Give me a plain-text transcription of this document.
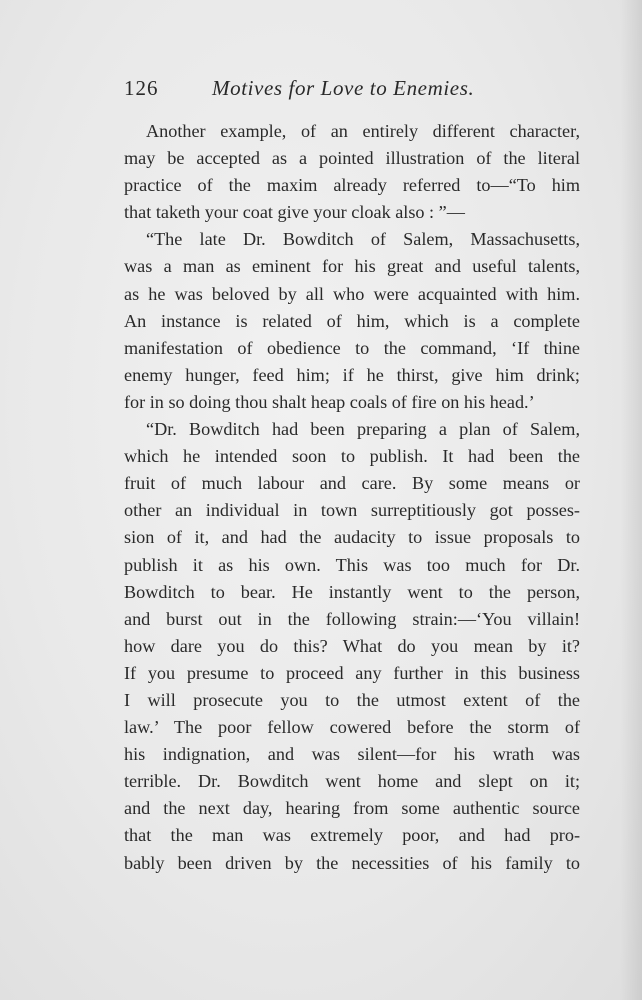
126	Motives for Love to Enemies.
Another example, of an entirely different character,
may be accepted as a pointed illustration of the literal
practice of the maxim already referred to—“To him
that taketh your coat give your cloak also : ”—
“The late Dr. Bowditch of Salem, Massachusetts,
was a man as eminent for his great and useful talents,
as he was beloved by all who were acquainted with him.
An instance is related of him, which is a complete
manifestation of obedience to the command, ‘If thine
enemy hunger, feed him; if he thirst, give him drink;
for in so doing thou shalt heap coals of fire on his head.’
“Dr. Bowditch had been preparing a plan of Salem,
which he intended soon to publish. It had been the
fruit of much labour and care. By some means or
other an individual in town surreptitiously got posses-
sion of it, and had the audacity to issue proposals to
publish it as his own. This was too much for Dr.
Bowditch to bear. He instantly went to the person,
and burst out in the following strain:—‘You villain!
how dare you do this? What do you mean by it?
If you presume to proceed any further in this business
I will prosecute you to the utmost extent of the
law.’ The poor fellow cowered before the storm of
his indignation, and was silent—for his wrath was
terrible. Dr. Bowditch went home and slept on it;
and the next day, hearing from some authentic source
that the man was extremely poor, and had pro-
bably been driven by the necessities of his family to
